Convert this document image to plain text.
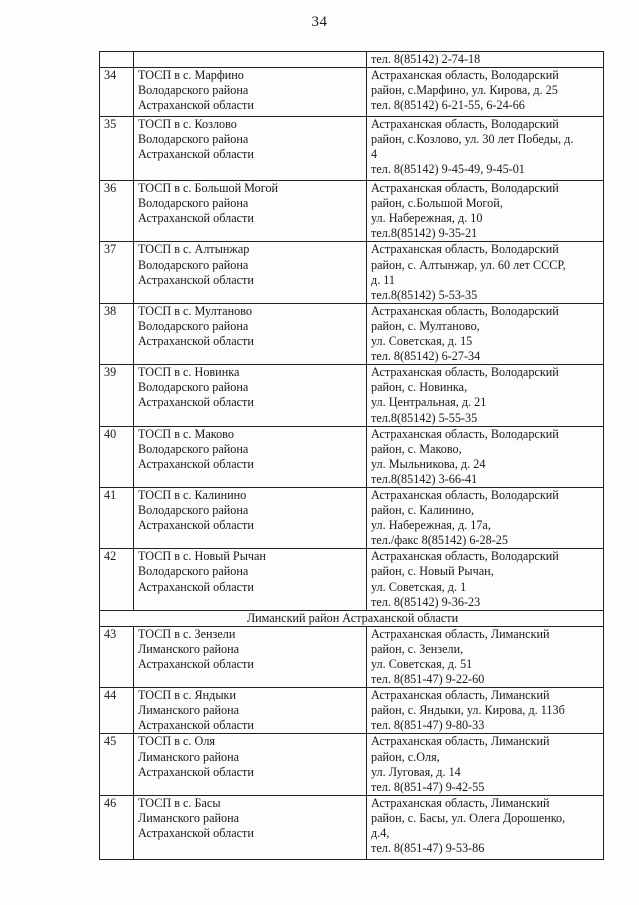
34
		тел. 8(85142) 2-74-18
34	ТОСП в с. Марфино
Володарского района
Астраханской области	Астраханская область, Володарский
район, с.Марфино, ул. Кирова, д. 25
тел. 8(85142) 6-21-55, 6-24-66
35	ТОСП в с. Козлово
Володарского района
Астраханской области	Астраханская область, Володарский
район, с.Козлово, ул. 30 лет Победы, д.
4
тел. 8(85142) 9-45-49, 9-45-01
36	ТОСП в с. Большой Могой
Володарского района
Астраханской области	Астраханская область, Володарский
район, с.Большой Могой,
ул. Набережная, д. 10
тел.8(85142) 9-35-21
37	ТОСП в с. Алтынжар
Володарского района
Астраханской области	Астраханская область, Володарский
район, с. Алтынжар, ул. 60 лет СССР,
д. 11
тел.8(85142) 5-53-35
38	ТОСП в с. Мултаново
Володарского района
Астраханской области	Астраханская область, Володарский
район, с. Мултаново,
ул. Советская, д. 15
тел. 8(85142) 6-27-34
39	ТОСП в с. Новинка
Володарского района
Астраханской области	Астраханская область, Володарский
район, с. Новинка,
ул. Центральная, д. 21
тел.8(85142) 5-55-35
40	ТОСП в с. Маково
Володарского района
Астраханской области	Астраханская область, Володарский
район, с. Маково,
ул. Мыльникова, д. 24
тел.8(85142) 3-66-41
41	ТОСП в с. Калинино
Володарского района
Астраханской области	Астраханская область, Володарский
район, с. Калинино,
ул. Набережная, д. 17а,
тел./факс 8(85142) 6-28-25
42	ТОСП в с. Новый Рычан
Володарского района
Астраханской области	Астраханская область, Володарский
район, с. Новый Рычан,
ул. Советская, д. 1
тел. 8(85142) 9-36-23
Лиманский район Астраханской области		
43	ТОСП в с. Зензели
Лиманского района
Астраханской области	Астраханская область, Лиманский
район, с. Зензели,
ул. Советская, д. 51
тел. 8(851-47) 9-22-60
44	ТОСП в с. Яндыки
Лиманского района
Астраханской области	Астраханская область, Лиманский
район, с. Яндыки, ул. Кирова, д. 113б
тел. 8(851-47) 9-80-33
45	ТОСП в с. Оля
Лиманского района
Астраханской области	Астраханская область, Лиманский
район, с.Оля,
ул. Луговая, д. 14
тел. 8(851-47) 9-42-55
46	ТОСП в с. Басы
Лиманского района
Астраханской области	Астраханская область, Лиманский
район, с. Басы, ул. Олега Дорошенко,
д.4,
тел. 8(851-47) 9-53-86
